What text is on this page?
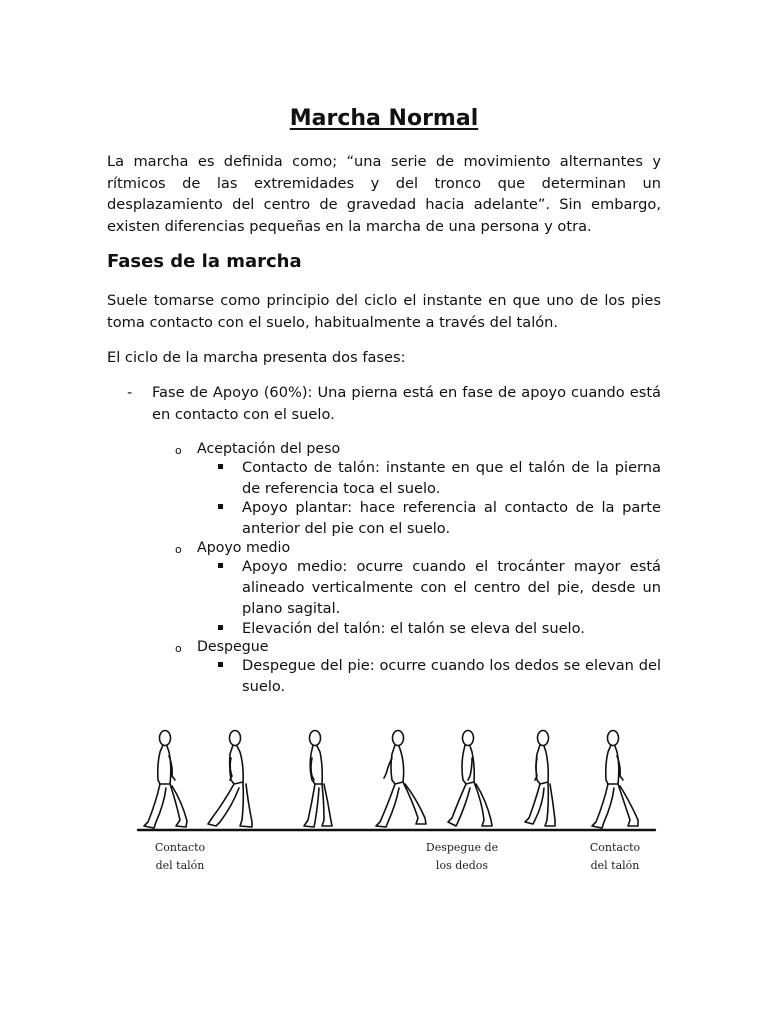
Marcha Normal

La marcha es definida como; “una serie de movimiento alternantes y rítmicos de las extremidades y del tronco que determinan un desplazamiento del centro de gravedad hacia adelante”. Sin embargo, existen diferencias pequeñas en la marcha de una persona y otra.

Fases de la marcha

Suele tomarse como principio del ciclo el instante en que uno de los pies toma contacto con el suelo, habitualmente a través del talón.

El ciclo de la marcha presenta dos fases:

- Fase de Apoyo (60%): Una pierna está en fase de apoyo cuando está en contacto con el suelo.

o Aceptación del peso

Contacto de talón: instante en que el talón de la pierna de referencia toca el suelo.

Apoyo plantar: hace referencia al contacto de la parte anterior del pie con el suelo.

o Apoyo medio

Apoyo medio: ocurre cuando el trocánter mayor está alineado verticalmente con el centro del pie, desde un plano sagital.

Elevación del talón: el talón se eleva del suelo.

o Despegue

Despegue del pie: ocurre cuando los dedos se elevan del suelo.

Contacto
del talón
Despegue de
los dedos
Contacto
del talón
